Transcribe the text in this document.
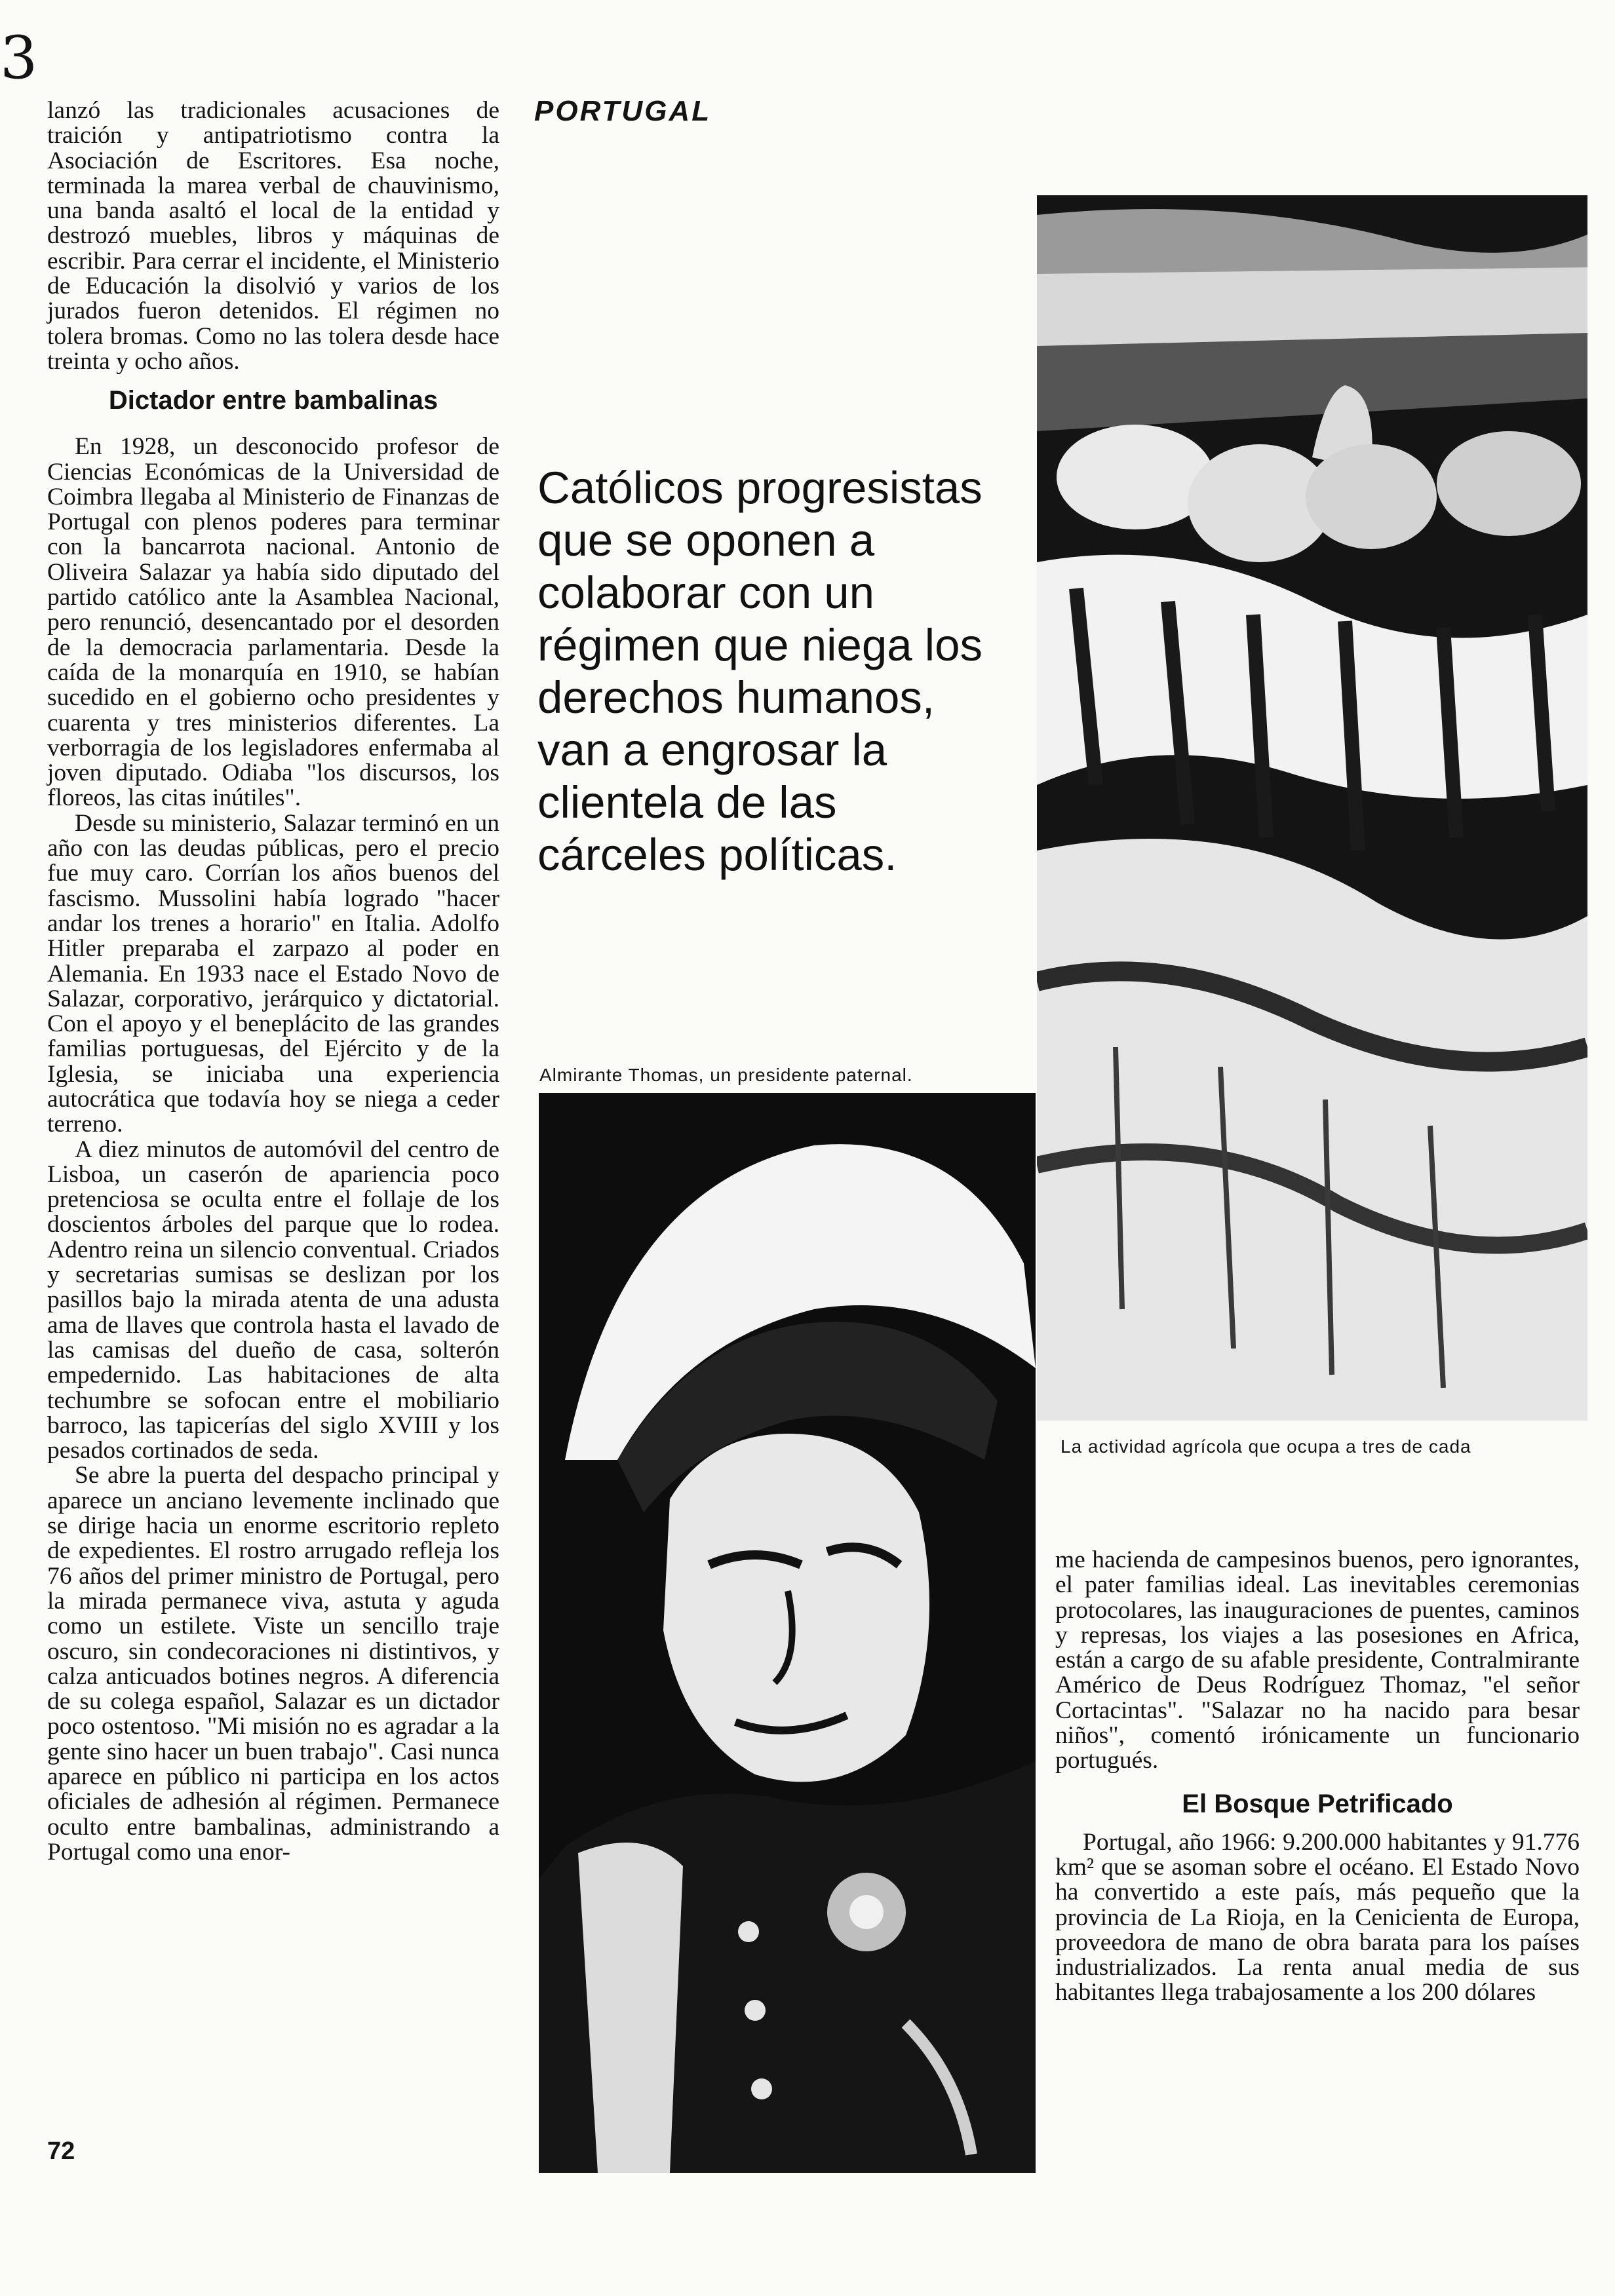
3

lanzó las tradicionales acusaciones de traición y antipatriotismo contra la Asociación de Escritores. Esa noche, terminada la marea verbal de chauvinismo, una banda asaltó el local de la entidad y destrozó muebles, libros y máquinas de escribir. Para cerrar el incidente, el Ministerio de Educación la disolvió y varios de los jurados fueron detenidos. El régimen no tolera bromas. Como no las tolera desde hace treinta y ocho años.

Dictador entre bambalinas

En 1928, un desconocido profesor de Ciencias Económicas de la Universidad de Coimbra llegaba al Ministerio de Finanzas de Portugal con plenos poderes para terminar con la bancarrota nacional. Antonio de Oliveira Salazar ya había sido diputado del partido católico ante la Asamblea Nacional, pero renunció, desencantado por el desorden de la democracia parlamentaria. Desde la caída de la monarquía en 1910, se habían sucedido en el gobierno ocho presidentes y cuarenta y tres ministerios diferentes. La verborragia de los legisladores enfermaba al joven diputado. Odiaba "los discursos, los floreos, las citas inútiles".

Desde su ministerio, Salazar terminó en un año con las deudas públicas, pero el precio fue muy caro. Corrían los años buenos del fascismo. Mussolini había logrado "hacer andar los trenes a horario" en Italia. Adolfo Hitler preparaba el zarpazo al poder en Alemania. En 1933 nace el Estado Novo de Salazar, corporativo, jerárquico y dictatorial. Con el apoyo y el beneplácito de las grandes familias portuguesas, del Ejército y de la Iglesia, se iniciaba una experiencia autocrática que todavía hoy se niega a ceder terreno.

A diez minutos de automóvil del centro de Lisboa, un caserón de apariencia poco pretenciosa se oculta entre el follaje de los doscientos árboles del parque que lo rodea. Adentro reina un silencio conventual. Criados y secretarias sumisas se deslizan por los pasillos bajo la mirada atenta de una adusta ama de llaves que controla hasta el lavado de las camisas del dueño de casa, solterón empedernido. Las habitaciones de alta techumbre se sofocan entre el mobiliario barroco, las tapicerías del siglo XVIII y los pesados cortinados de seda.

Se abre la puerta del despacho principal y aparece un anciano levemente inclinado que se dirige hacia un enorme escritorio repleto de expedientes. El rostro arrugado refleja los 76 años del primer ministro de Portugal, pero la mirada permanece viva, astuta y aguda como un estilete. Viste un sencillo traje oscuro, sin condecoraciones ni distintivos, y calza anticuados botines negros. A diferencia de su colega español, Salazar es un dictador poco ostentoso. "Mi misión no es agradar a la gente sino hacer un buen trabajo". Casi nunca aparece en público ni participa en los actos oficiales de adhesión al régimen. Permanece oculto entre bambalinas, administrando a Portugal como una enor-

PORTUGAL

Católicos progresistas que se oponen a colaborar con un régimen que niega los derechos humanos, van a engrosar la clientela de las cárceles políticas.

La actividad agrícola que ocupa a tres de cada

Almirante Thomas, un presidente paternal.

me hacienda de campesinos buenos, pero ignorantes, el pater familias ideal. Las inevitables ceremonias protocolares, las inauguraciones de puentes, caminos y represas, los viajes a las posesiones en Africa, están a cargo de su afable presidente, Contralmirante Américo de Deus Rodríguez Thomaz, "el señor Cortacintas". "Salazar no ha nacido para besar niños", comentó irónicamente un funcionario portugués.

El Bosque Petrificado

Portugal, año 1966: 9.200.000 habitantes y 91.776 km² que se asoman sobre el océano. El Estado Novo ha convertido a este país, más pequeño que la provincia de La Rioja, en la Cenicienta de Europa, proveedora de mano de obra barata para los países industrializados. La renta anual media de sus habitantes llega trabajosamente a los 200 dólares

72
